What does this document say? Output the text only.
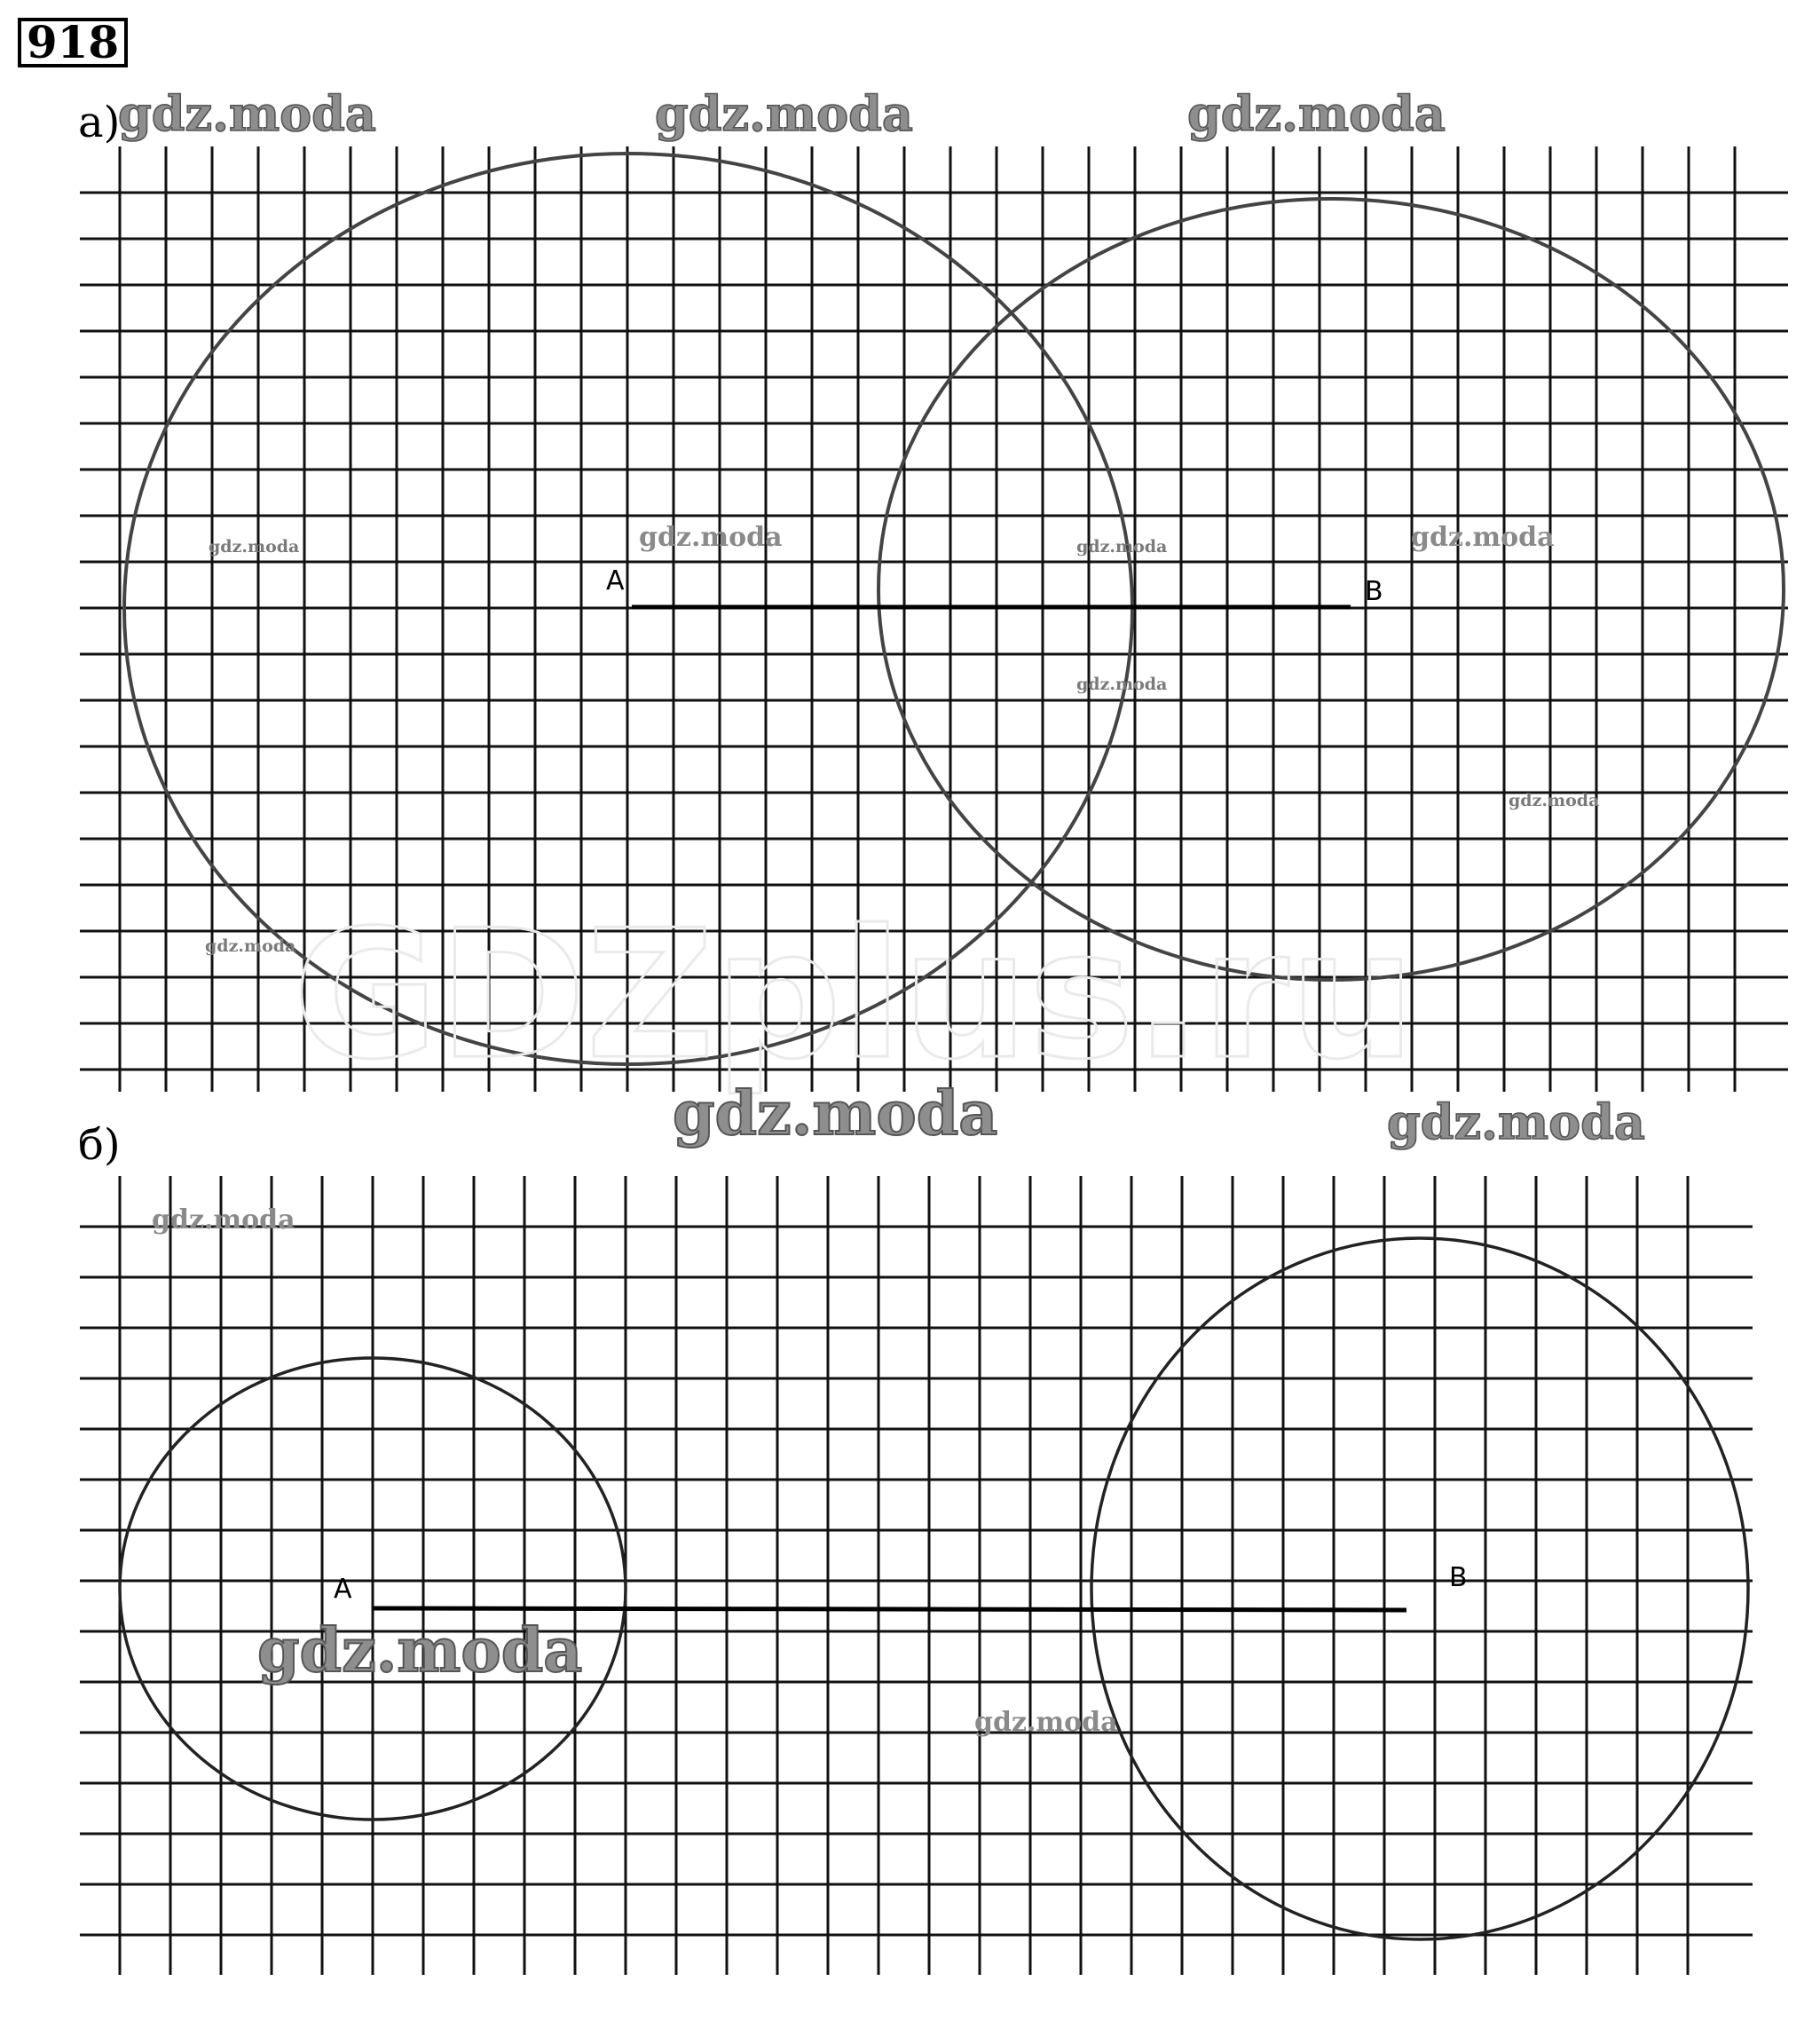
918
а)
б)
A	B
A	B
GDZplus.ru
gdz.moda	gdz.moda	gdz.moda
gdz.moda	gdz.moda
gdz.moda	gdz.moda
gdz.moda
gdz.moda
gdz.moda
gdz.moda	gdz.moda
gdz.moda
gdz.moda
gdz.moda
